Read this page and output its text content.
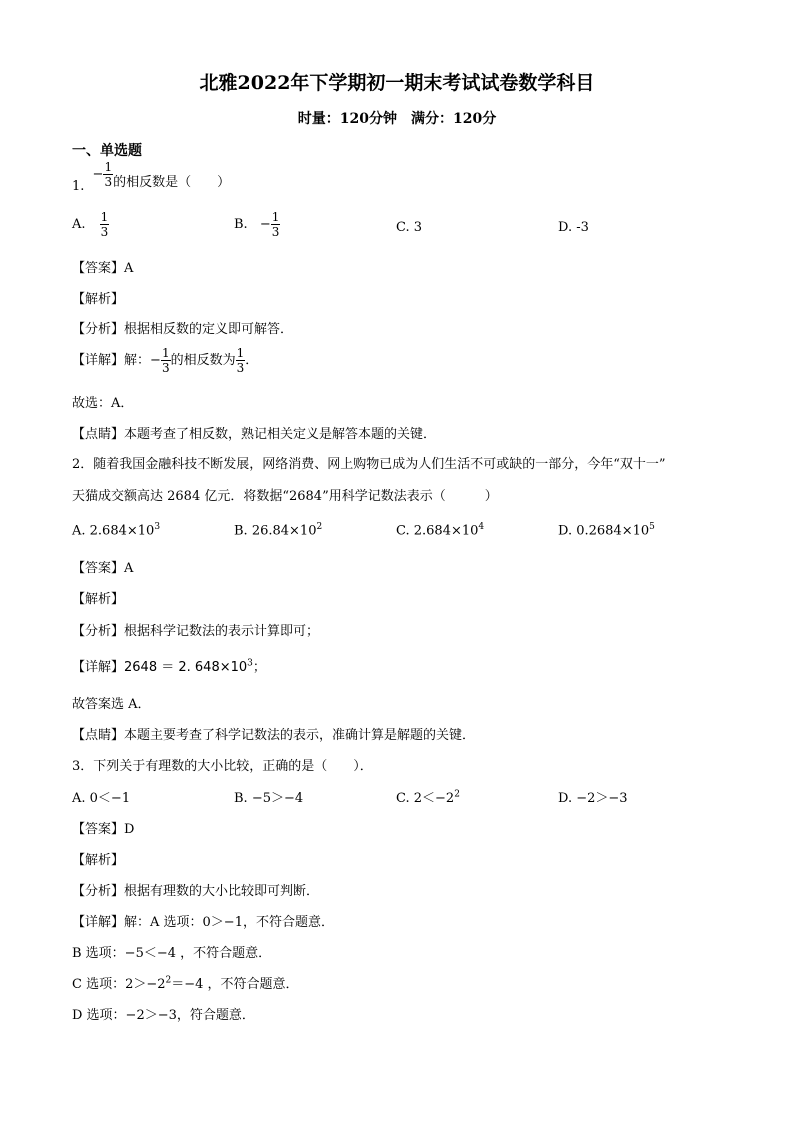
北雅2022年下学期初一期末考试试卷数学科目
时量：120分钟　满分：120分
一、单选题
1. − $\frac{1}{3}$ 的相反数是（　　）
A. $\frac{1}{3}$	B. − $\frac{1}{3}$	C. 3	D. -3
【答案】A
【解析】
【分析】根据相反数的定义即可解答．
【详解】解：− $\frac{1}{3}$ 的相反数为 $\frac{1}{3}$ ．
故选：A．
【点睛】本题考查了相反数，熟记相关定义是解答本题的关键．
2．随着我国金融科技不断发展，网络消费、网上购物已成为人们生活不可或缺的一部分，今年“双十一”
天猫成交额高达 2684 亿元．将数据“2684”用科学记数法表示（　　　）
A. $2.684\times 10^3$	B. $26.84\times 10^2$	C. $2.684\times 10^4$	D. $0.2684\times 10^5$
【答案】A
【解析】
【分析】根据科学记数法的表示计算即可；
【详解】2648 ＝ 2. $648\times 10^3$；
故答案选 A．
【点睛】本题主要考查了科学记数法的表示，准确计算是解题的关键．
3．下列关于有理数的大小比较，正确的是（　　）．
A. 0＜−1	B. −5＞−4	C. $2<-2^2$	D. −2＞−3
【答案】D
【解析】
【分析】根据有理数的大小比较即可判断．
【详解】解：A 选项：0＞−1，不符合题意．
B 选项：−5＜−4 ，不符合题意．
C 选项：$2>-2^2=-4$ ，不符合题意．
D 选项：−2＞−3，符合题意．
